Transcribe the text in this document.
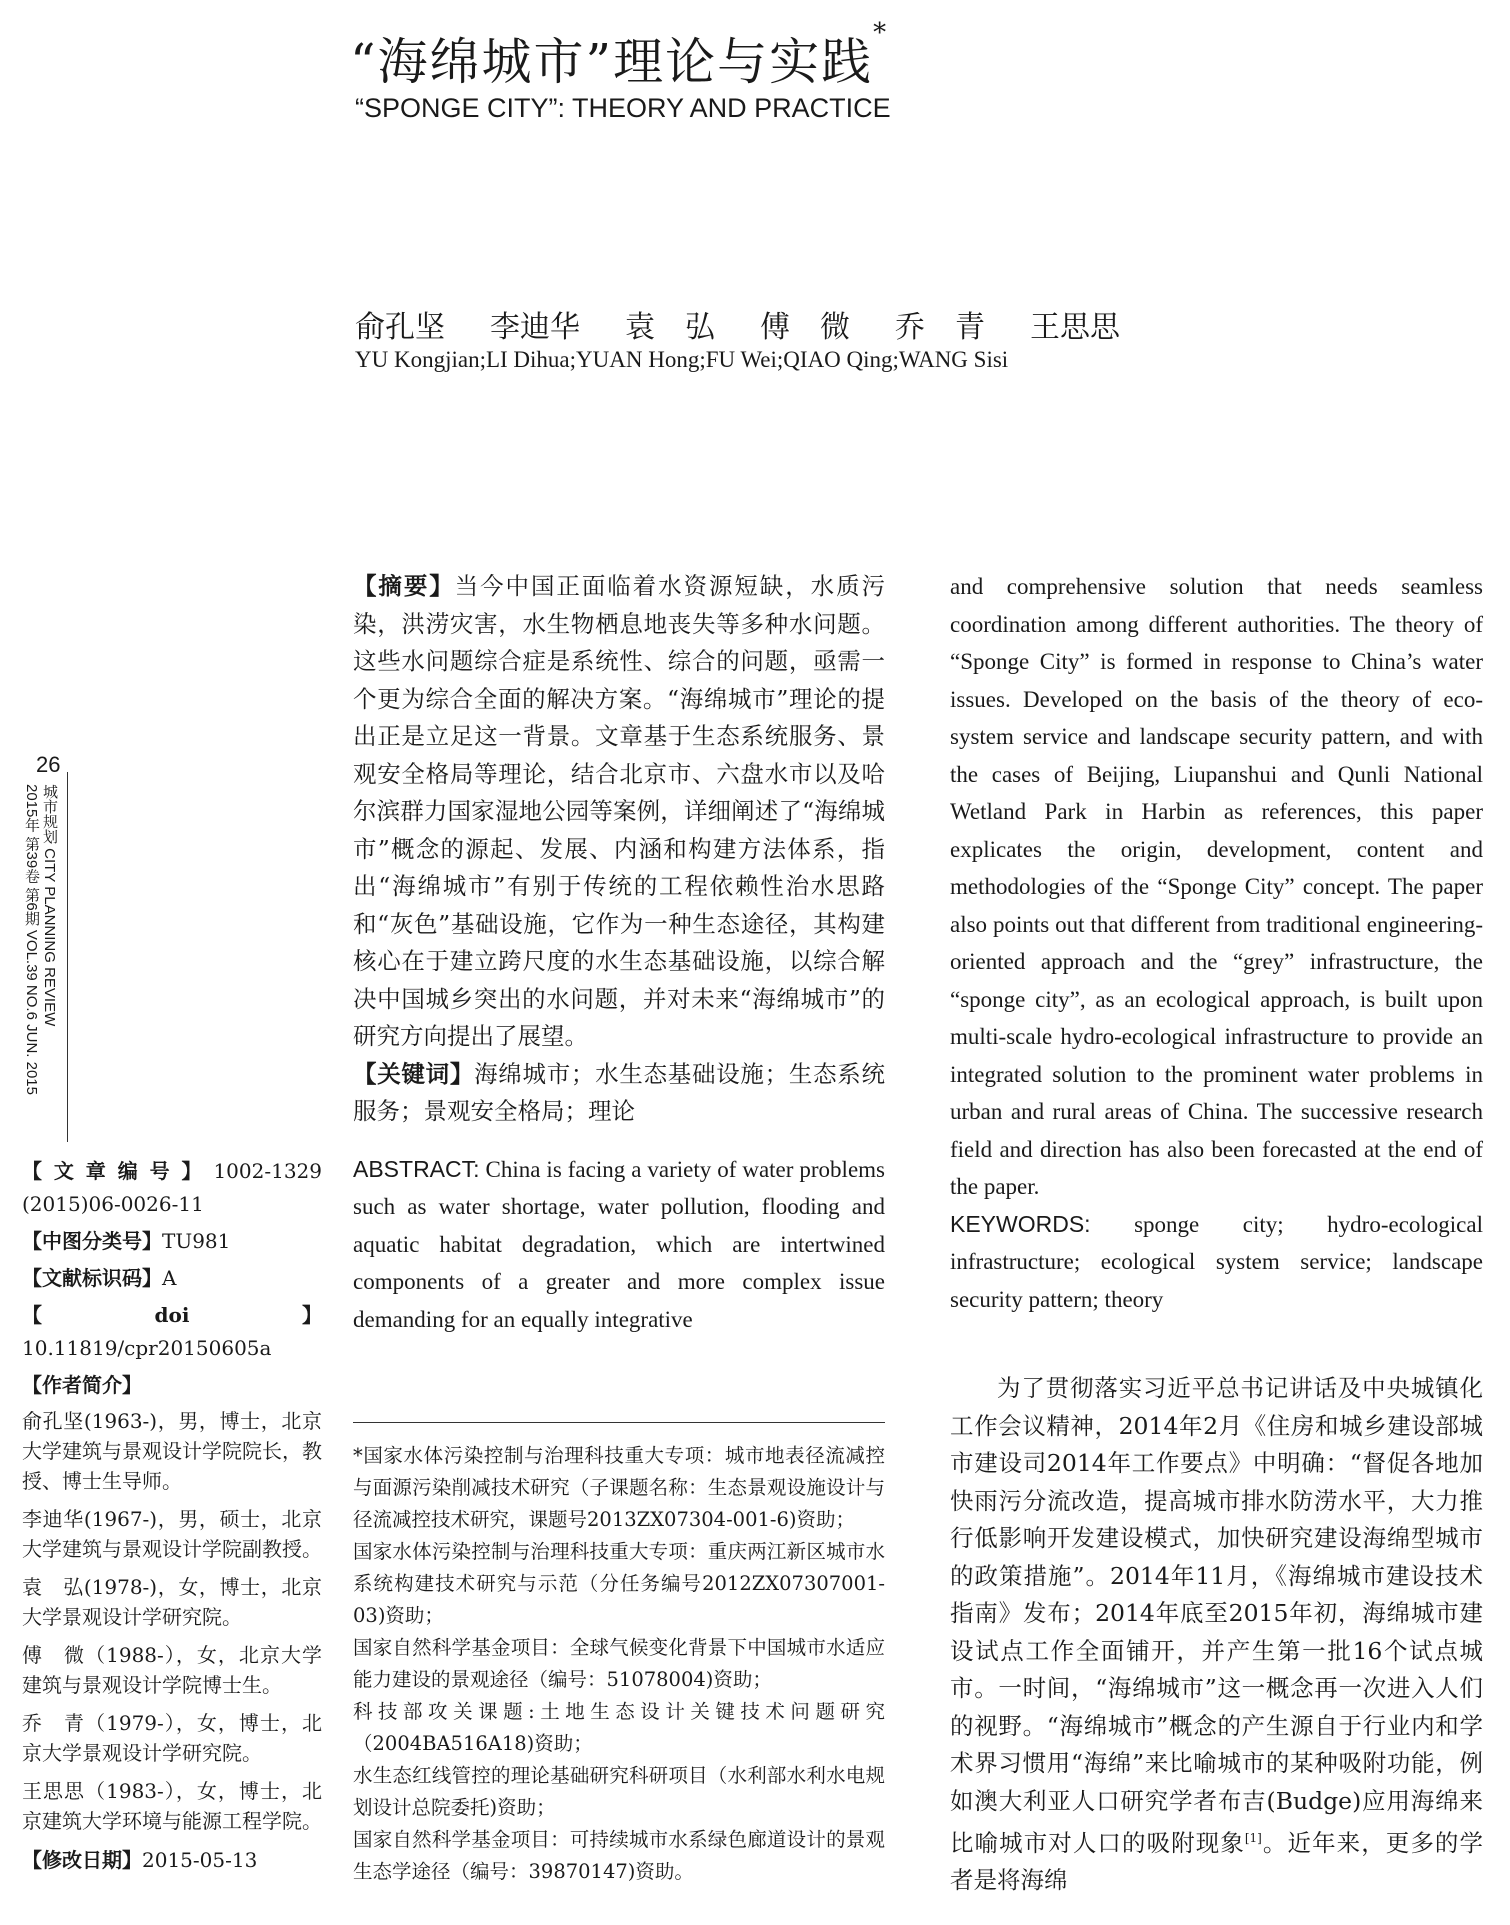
“海绵城市”理论与实践*
“SPONGE CITY”: THEORY AND PRACTICE
俞孔坚 李迪华 袁　弘 傅　微 乔　青 王思思
YU Kongjian;LI Dihua;YUAN Hong;FU Wei;QIAO Qing;WANG Sisi
26
城市规划 CITY PLANNING REVIEW
2015年 第39卷 第6期 VOL.39 NO.6 JUN. 2015

【文章编号】1002-1329 (2015)06-0026-11

【中图分类号】TU981

【文献标识码】A

【doi】10.11819/cpr20150605a

【作者简介】

俞孔坚(1963-)，男，博士，北京大学建筑与景观设计学院院长，教授、博士生导师。

李迪华(1967-)，男，硕士，北京大学建筑与景观设计学院副教授。

袁　弘(1978-)，女，博士，北京大学景观设计学研究院。

傅　微（1988-），女，北京大学建筑与景观设计学院博士生。

乔　青（1979-），女，博士，北京大学景观设计学研究院。

王思思（1983-），女，博士，北京建筑大学环境与能源工程学院。

【修改日期】2015-05-13

【摘要】当今中国正面临着水资源短缺，水质污染，洪涝灾害，水生物栖息地丧失等多种水问题。这些水问题综合症是系统性、综合的问题，亟需一个更为综合全面的解决方案。“海绵城市”理论的提出正是立足这一背景。文章基于生态系统服务、景观安全格局等理论，结合北京市、六盘水市以及哈尔滨群力国家湿地公园等案例，详细阐述了“海绵城市”概念的源起、发展、内涵和构建方法体系，指出“海绵城市”有别于传统的工程依赖性治水思路和“灰色”基础设施，它作为一种生态途径，其构建核心在于建立跨尺度的水生态基础设施，以综合解决中国城乡突出的水问题，并对未来“海绵城市”的研究方向提出了展望。

【关键词】海绵城市；水生态基础设施；生态系统服务；景观安全格局；理论

ABSTRACT: China is facing a variety of water problems such as water shortage, water pollution, flooding and aquatic habitat degradation, which are intertwined components of a greater and more complex issue demanding for an equally integrative

*国家水体污染控制与治理科技重大专项：城市地表径流减控与面源污染削减技术研究（子课题名称：生态景观设施设计与径流减控技术研究，课题号2013ZX07304-001-6)资助；

国家水体污染控制与治理科技重大专项：重庆两江新区城市水系统构建技术研究与示范（分任务编号2012ZX07307001-03)资助；

国家自然科学基金项目：全球气候变化背景下中国城市水适应能力建设的景观途径（编号：51078004)资助；

科技部攻关课题:土地生态设计关键技术问题研究（2004BA516A18)资助；

水生态红线管控的理论基础研究科研项目（水利部水利水电规划设计总院委托)资助；

国家自然科学基金项目：可持续城市水系绿色廊道设计的景观生态学途径（编号：39870147)资助。

and comprehensive solution that needs seamless coordination among different authorities. The theory of “Sponge City” is formed in response to China’s water issues. Developed on the basis of the theory of eco-system service and landscape security pattern, and with the cases of Beijing, Liupanshui and Qunli National Wetland Park in Harbin as references, this paper explicates the origin, development, content and methodologies of the “Sponge City” concept. The paper also points out that different from traditional engineering-oriented approach and the “grey” infrastructure, the “sponge city”, as an ecological approach, is built upon multi-scale hydro-ecological infrastructure to provide an integrated solution to the prominent water problems in urban and rural areas of China. The successive research field and direction has also been forecasted at the end of the paper.

KEYWORDS: sponge city; hydro-ecological infrastructure; ecological system service; landscape security pattern; theory

为了贯彻落实习近平总书记讲话及中央城镇化工作会议精神，2014年2月《住房和城乡建设部城市建设司2014年工作要点》中明确：“督促各地加快雨污分流改造，提高城市排水防涝水平，大力推行低影响开发建设模式，加快研究建设海绵型城市的政策措施”。2014年11月，《海绵城市建设技术指南》发布；2014年底至2015年初，海绵城市建设试点工作全面铺开，并产生第一批16个试点城市。一时间，“海绵城市”这一概念再一次进入人们的视野。“海绵城市”概念的产生源自于行业内和学术界习惯用“海绵”来比喻城市的某种吸附功能，例如澳大利亚人口研究学者布吉(Budge)应用海绵来比喻城市对人口的吸附现象[1]。近年来，更多的学者是将海绵
